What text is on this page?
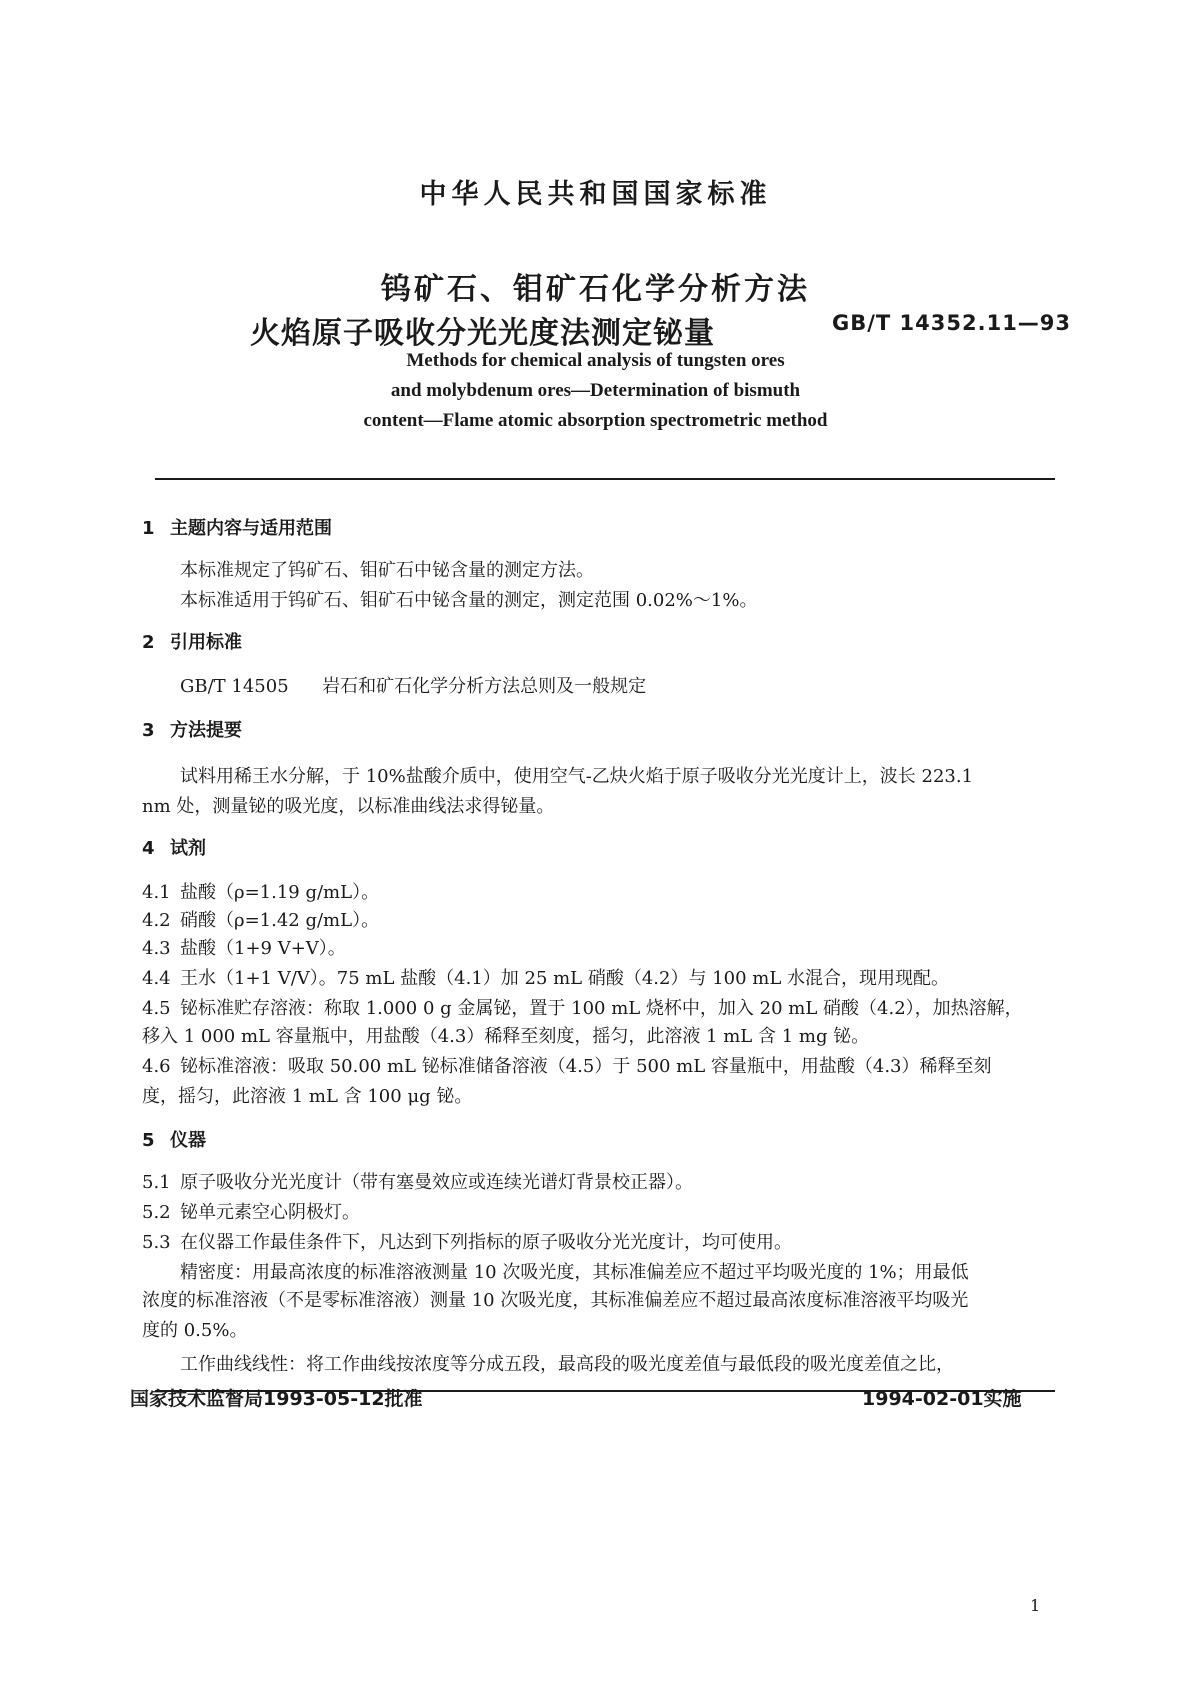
中华人民共和国国家标准
钨矿石、钼矿石化学分析方法
火焰原子吸收分光光度法测定铋量	GB/T 14352.11—93
Methods for chemical analysis of tungsten ores
and molybdenum ores—Determination of bismuth
content—Flame atomic absorption spectrometric method
1 主题内容与适用范围
本标准规定了钨矿石、钼矿石中铋含量的测定方法。
本标准适用于钨矿石、钼矿石中铋含量的测定，测定范围 0.02%～1%。
2 引用标准
GB/T 14505 岩石和矿石化学分析方法总则及一般规定
3 方法提要
试料用稀王水分解，于 10%盐酸介质中，使用空气-乙炔火焰于原子吸收分光光度计上，波长 223.1
nm 处，测量铋的吸光度，以标准曲线法求得铋量。
4 试剂
4.1 盐酸（ρ=1.19 g/mL）。
4.2 硝酸（ρ=1.42 g/mL）。
4.3 盐酸（1+9 V+V）。
4.4 王水（1+1 V/V）。75 mL 盐酸（4.1）加 25 mL 硝酸（4.2）与 100 mL 水混合，现用现配。
4.5 铋标准贮存溶液：称取 1.000 0 g 金属铋，置于 100 mL 烧杯中，加入 20 mL 硝酸（4.2），加热溶解，
移入 1 000 mL 容量瓶中，用盐酸（4.3）稀释至刻度，摇匀，此溶液 1 mL 含 1 mg 铋。
4.6 铋标准溶液：吸取 50.00 mL 铋标准储备溶液（4.5）于 500 mL 容量瓶中，用盐酸（4.3）稀释至刻
度，摇匀，此溶液 1 mL 含 100 μg 铋。
5 仪器
5.1 原子吸收分光光度计（带有塞曼效应或连续光谱灯背景校正器）。
5.2 铋单元素空心阴极灯。
5.3 在仪器工作最佳条件下，凡达到下列指标的原子吸收分光光度计，均可使用。
精密度：用最高浓度的标准溶液测量 10 次吸光度，其标准偏差应不超过平均吸光度的 1%；用最低
浓度的标准溶液（不是零标准溶液）测量 10 次吸光度，其标准偏差应不超过最高浓度标准溶液平均吸光
度的 0.5%。
工作曲线线性：将工作曲线按浓度等分成五段，最高段的吸光度差值与最低段的吸光度差值之比，
国家技术监督局1993-05-12批准	1994-02-01实施
1
